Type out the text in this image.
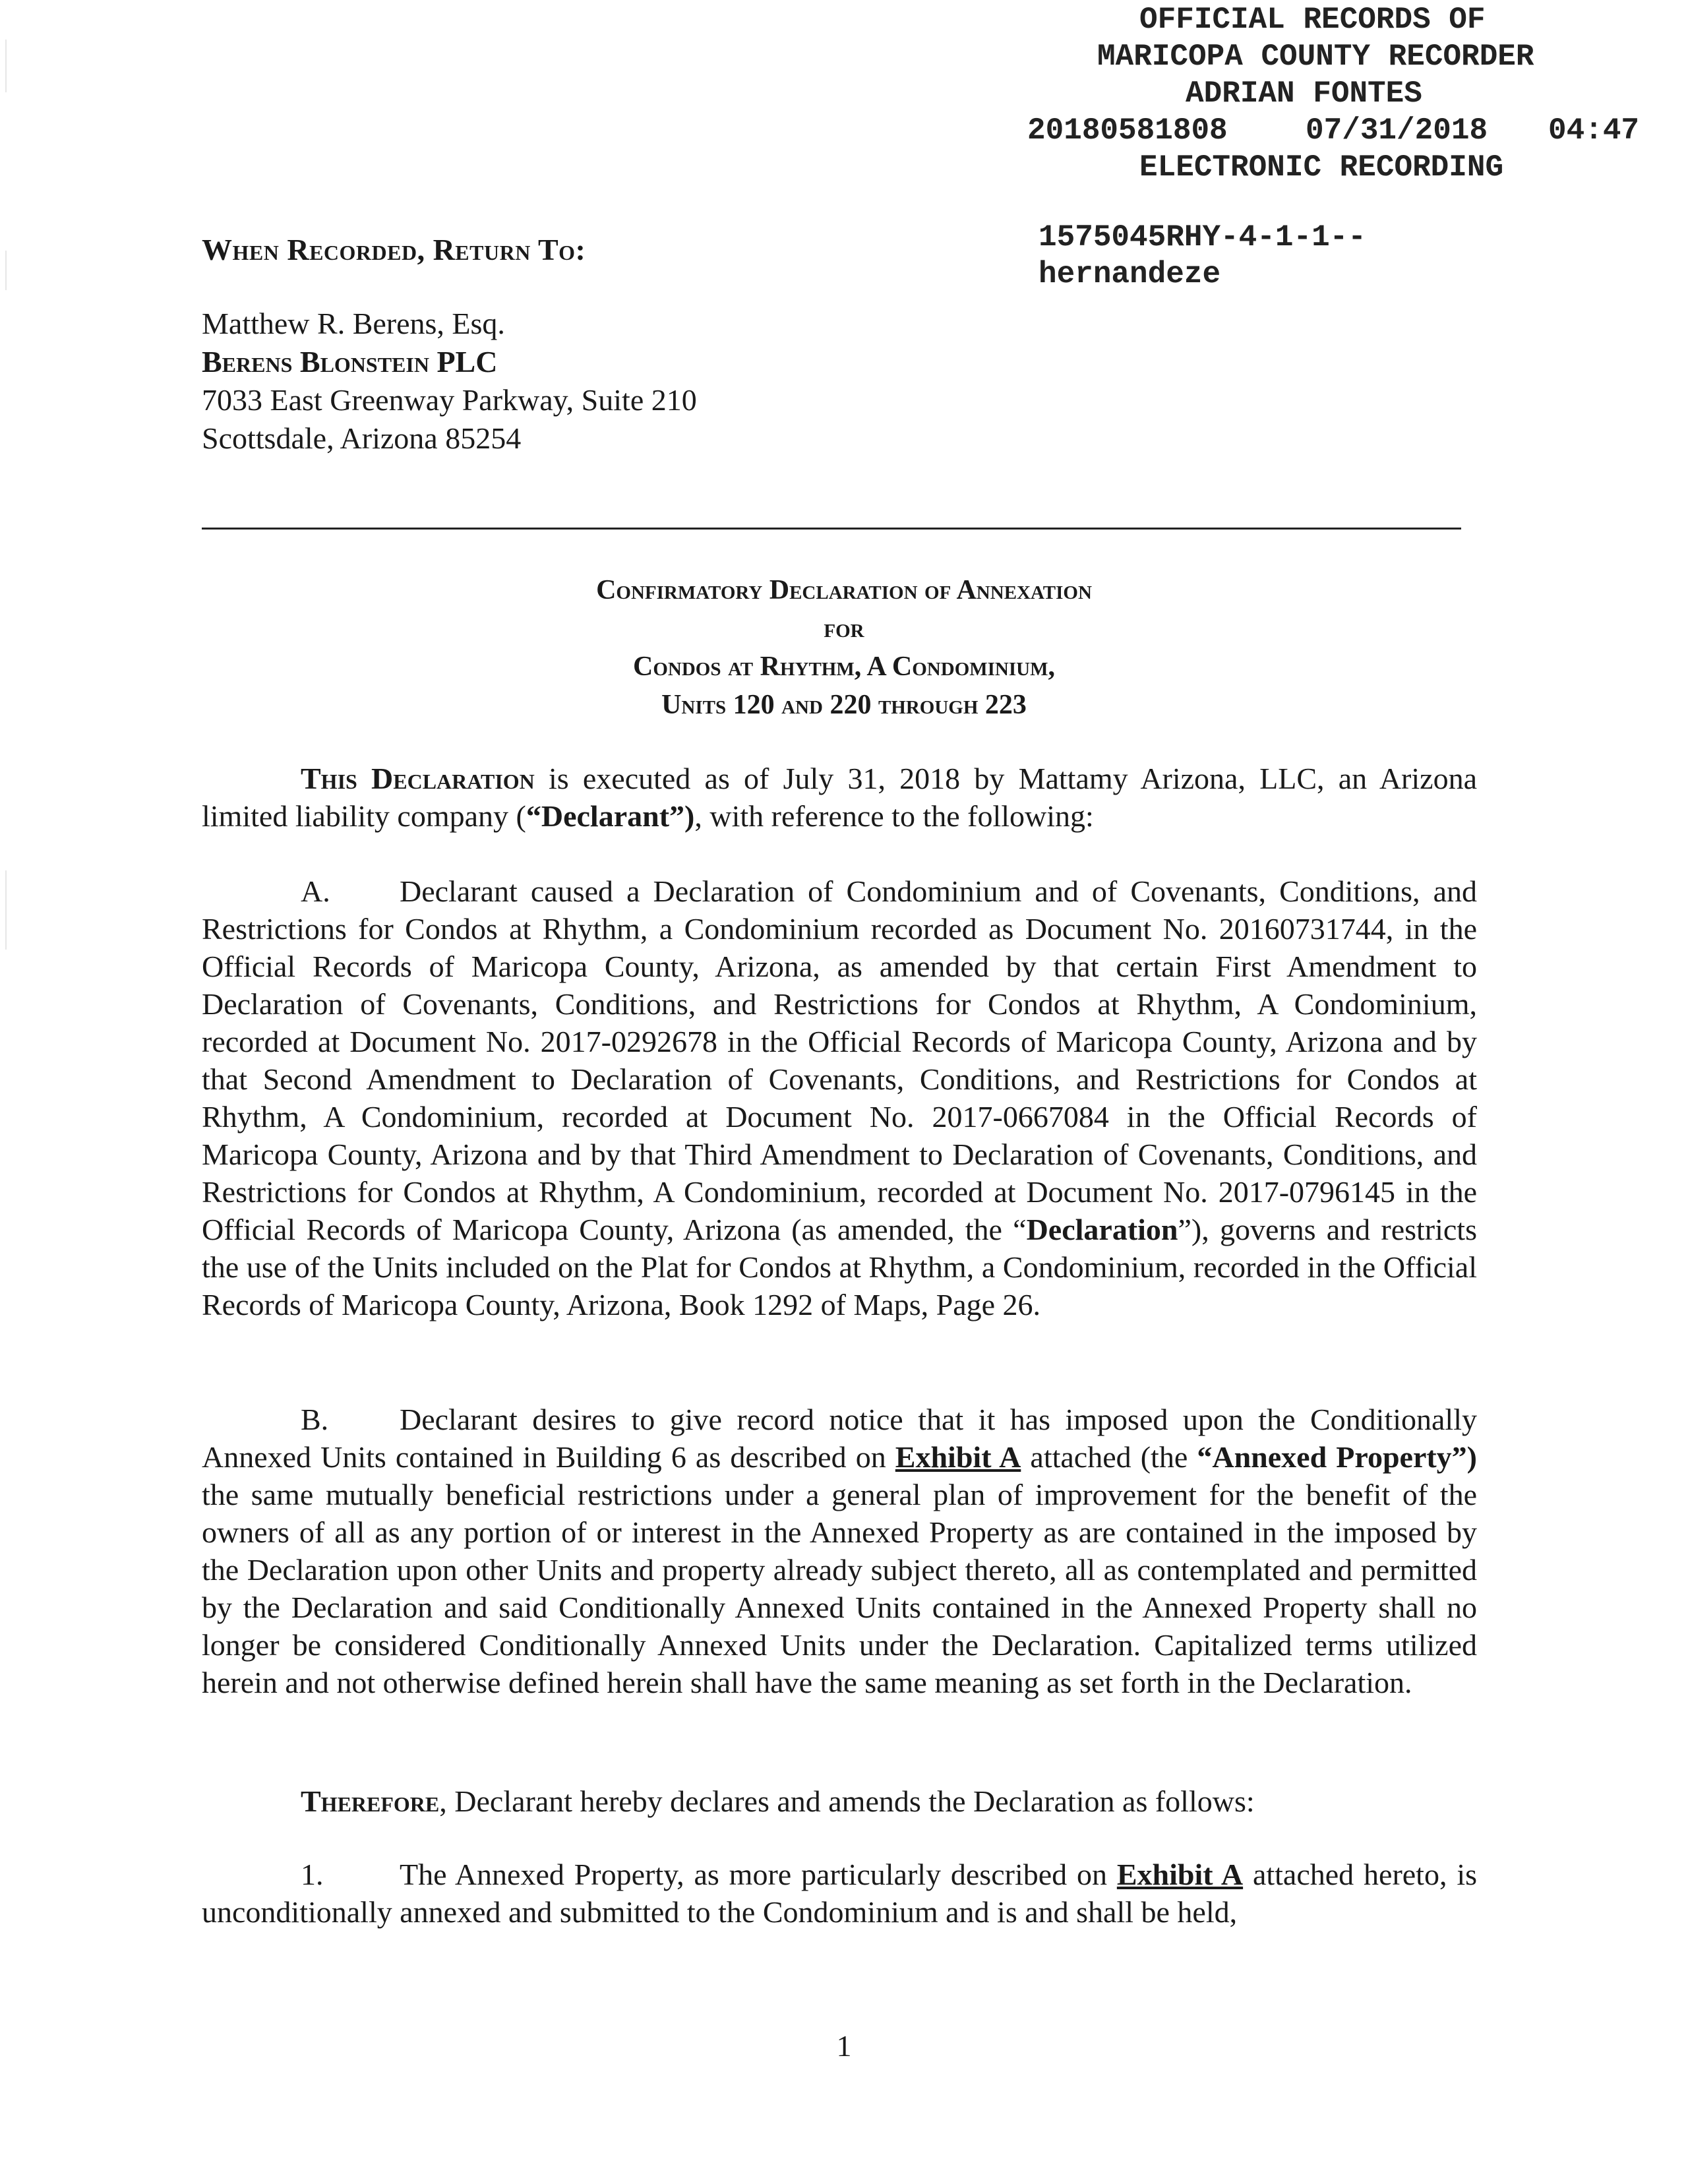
OFFICIAL RECORDS OF
MARICOPA COUNTY RECORDER
ADRIAN FONTES
20180581808	07/31/2018 04:47
ELECTRONIC RECORDING
1575045RHY-4-1-1--
hernandeze
When Recorded, Return To:
Matthew R. Berens, Esq.
Berens Blonstein PLC
7033 East Greenway Parkway, Suite 210
Scottsdale, Arizona 85254
Confirmatory Declaration of Annexation
for
Condos at Rhythm, A Condominium,
Units 120 and 220 through 223
This Declaration is executed as of July 31, 2018 by Mattamy Arizona, LLC, an Arizona limited liability company (“Declarant”), with reference to the following:
A. Declarant caused a Declaration of Condominium and of Covenants, Conditions, and Restrictions for Condos at Rhythm, a Condominium recorded as Document No. 20160731744, in the Official Records of Maricopa County, Arizona, as amended by that certain First Amendment to Declaration of Covenants, Conditions, and Restrictions for Condos at Rhythm, A Condominium, recorded at Document No. 2017-0292678 in the Official Records of Maricopa County, Arizona and by that Second Amendment to Declaration of Covenants, Conditions, and Restrictions for Condos at Rhythm, A Condominium, recorded at Document No. 2017-0667084 in the Official Records of Maricopa County, Arizona and by that Third Amendment to Declaration of Covenants, Conditions, and Restrictions for Condos at Rhythm, A Condominium, recorded at Document No. 2017-0796145 in the Official Records of Maricopa County, Arizona (as amended, the “Declaration”), governs and restricts the use of the Units included on the Plat for Condos at Rhythm, a Condominium, recorded in the Official Records of Maricopa County, Arizona, Book 1292 of Maps, Page 26.
B. Declarant desires to give record notice that it has imposed upon the Conditionally Annexed Units contained in Building 6 as described on Exhibit A attached (the “Annexed Property”) the same mutually beneficial restrictions under a general plan of improvement for the benefit of the owners of all as any portion of or interest in the Annexed Property as are contained in the imposed by the Declaration upon other Units and property already subject thereto, all as contemplated and permitted by the Declaration and said Conditionally Annexed Units contained in the Annexed Property shall no longer be considered Conditionally Annexed Units under the Declaration. Capitalized terms utilized herein and not otherwise defined herein shall have the same meaning as set forth in the Declaration.
Therefore, Declarant hereby declares and amends the Declaration as follows:
1.	The Annexed Property, as more particularly described on Exhibit A attached hereto, is unconditionally annexed and submitted to the Condominium and is and shall be held,
1
